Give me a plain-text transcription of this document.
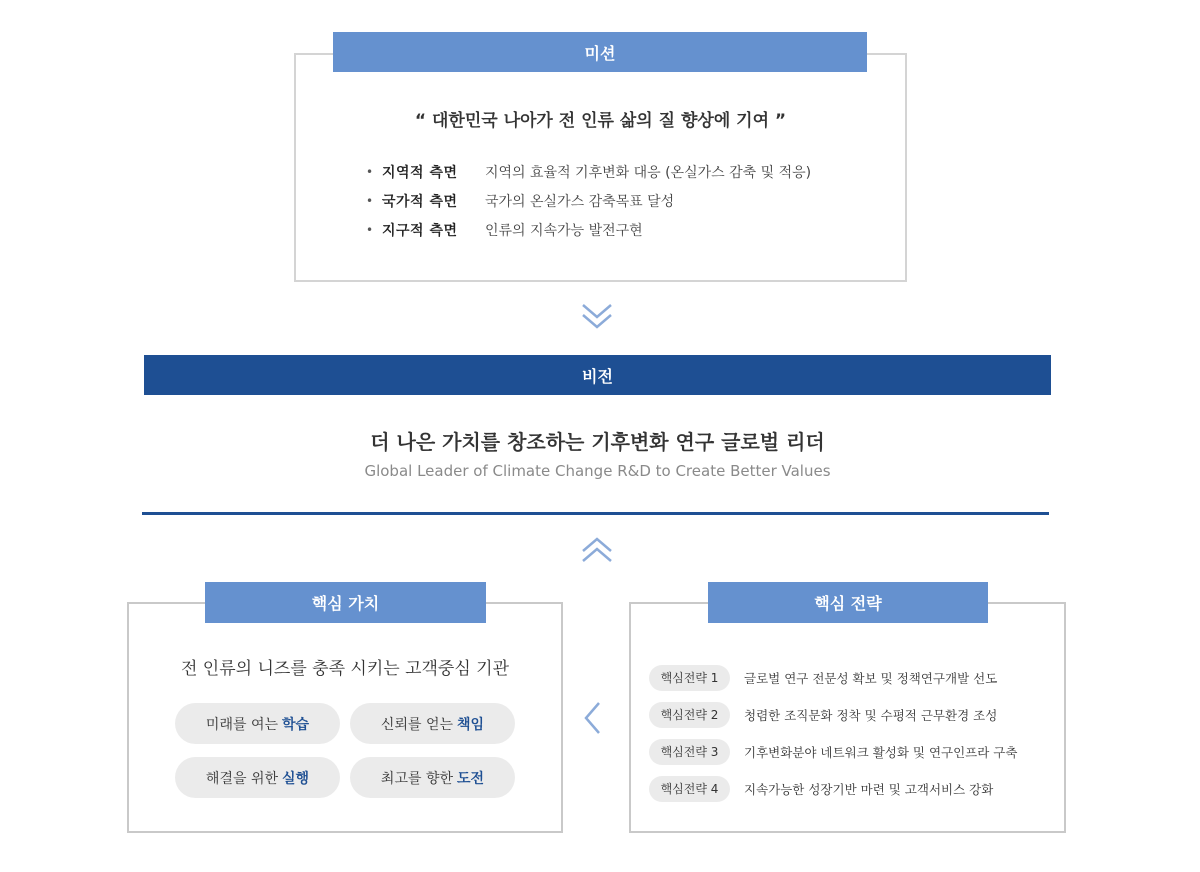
미션
“ 대한민국 나아가 전 인류 삶의 질 향상에 기여 ”
• 지역적 측면	지역의 효율적 기후변화 대응 (온실가스 감축 및 적응)
• 국가적 측면	국가의 온실가스 감축목표 달성
• 지구적 측면	인류의 지속가능 발전구현
비전
더 나은 가치를 창조하는 기후변화 연구 글로벌 리더
Global Leader of Climate Change R&D to Create Better Values
핵심 가치
전 인류의 니즈를 충족 시키는 고객중심 기관
미래를 여는 학습	신뢰를 얻는 책임
해결을 위한 실행	최고를 향한 도전
핵심 전략
핵심전략 1	글로벌 연구 전문성 확보 및 정책연구개발 선도
핵심전략 2	청렴한 조직문화 정착 및 수평적 근무환경 조성
핵심전략 3	기후변화분야 네트워크 활성화 및 연구인프라 구축
핵심전략 4	지속가능한 성장기반 마련 및 고객서비스 강화
